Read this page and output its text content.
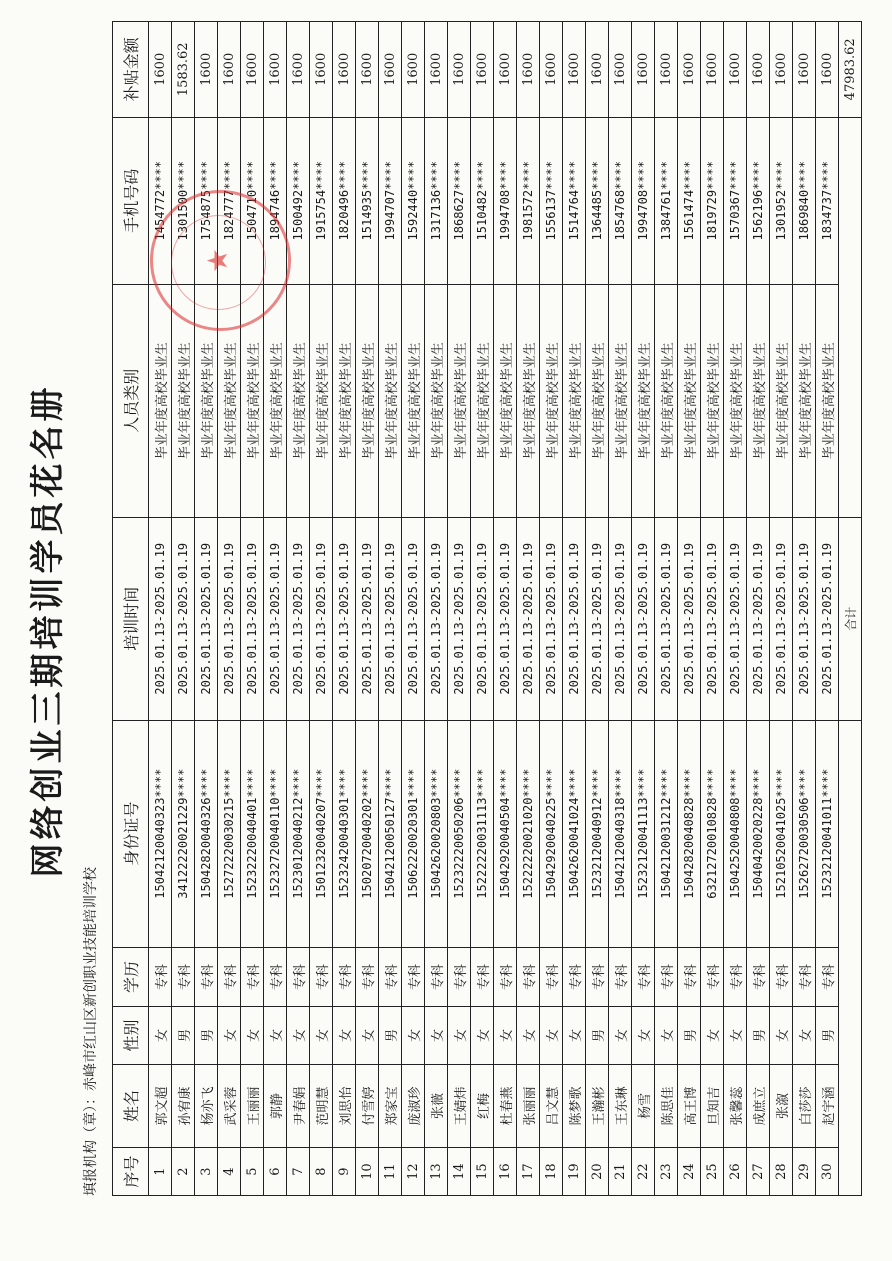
网络创业三期培训学员花名册
填报机构（章）：赤峰市红山区新创职业技能培训学校 序号	姓名	性别	学历	身份证号	培训时间	人员类别	手机号码	补贴金额
1	郭文超	女	专科	150421200403​23****	2025.01.13-2025.01.19	毕业年度高校毕业生	1454772****	1600
2	孙宥康	男	专科	341222200212​29****	2025.01.13-2025.01.19	毕业年度高校毕业生	1301500****	1583.62
3	杨亦飞	男	专科	150428200403​26****	2025.01.13-2025.01.19	毕业年度高校毕业生	1754875****	1600
4	武采蓉	女	专科	152722200302​15****	2025.01.13-2025.01.19	毕业年度高校毕业生	1824777****	1600
5	王丽丽	女	专科	152322200404​01****	2025.01.13-2025.01.19	毕业年度高校毕业生	1504710****	1600
6	郭静	女	专科	152327200401​10****	2025.01.13-2025.01.19	毕业年度高校毕业生	1894746****	1600
7	尹春娟	女	专科	152301200402​12****	2025.01.13-2025.01.19	毕业年度高校毕业生	1500492****	1600
8	范明慧	女	专科	150123200402​07****	2025.01.13-2025.01.19	毕业年度高校毕业生	1915754****	1600
9	刘思怡	女	专科	152324200403​01****	2025.01.13-2025.01.19	毕业年度高校毕业生	1820496****	1600
10	付雪婷	女	专科	150207200402​02****	2025.01.13-2025.01.19	毕业年度高校毕业生	1514935****	1600
11	郑家宝	男	专科	150421200501​27****	2025.01.13-2025.01.19	毕业年度高校毕业生	1994707****	1600
12	庞淑珍	女	专科	150622200203​01****	2025.01.13-2025.01.19	毕业年度高校毕业生	1592440****	1600
13	张薇	女	专科	150426200208​03****	2025.01.13-2025.01.19	毕业年度高校毕业生	1317136****	1600
14	王婧炜	女	专科	152322200502​06****	2025.01.13-2025.01.19	毕业年度高校毕业生	1868627****	1600
15	红梅	女	专科	152222200311​13****	2025.01.13-2025.01.19	毕业年度高校毕业生	1510482****	1600
16	杜春燕	女	专科	150429200405​04****	2025.01.13-2025.01.19	毕业年度高校毕业生	1994708****	1600
17	张丽丽	女	专科	152222200210​20****	2025.01.13-2025.01.19	毕业年度高校毕业生	1981572****	1600
18	吕文慧	女	专科	150429200402​25****	2025.01.13-2025.01.19	毕业年度高校毕业生	1556137****	1600
19	陈梦歌	女	专科	150426200410​24****	2025.01.13-2025.01.19	毕业年度高校毕业生	1514764****	1600
20	王瀚彬	男	专科	152321200409​12****	2025.01.13-2025.01.19	毕业年度高校毕业生	1364485****	1600
21	王东琳	女	专科	150421200403​18****	2025.01.13-2025.01.19	毕业年度高校毕业生	1854768****	1600
22	杨雪	女	专科	152321200411​13****	2025.01.13-2025.01.19	毕业年度高校毕业生	1994708****	1600
23	陈思佳	女	专科	150421200312​12****	2025.01.13-2025.01.19	毕业年度高校毕业生	1384761****	1600
24	高王博	男	专科	150428200408​28****	2025.01.13-2025.01.19	毕业年度高校毕业生	1561474****	1600
25	旦知吉	女	专科	632127200108​28****	2025.01.13-2025.01.19	毕业年度高校毕业生	1819729****	1600
26	张馨蕊	女	专科	150425200408​08****	2025.01.13-2025.01.19	毕业年度高校毕业生	1570367****	1600
27	成庶立	男	专科	150404200202​28****	2025.01.13-2025.01.19	毕业年度高校毕业生	1562196****	1600
28	张溆	女	专科	152105200410​25****	2025.01.13-2025.01.19	毕业年度高校毕业生	1301952****	1600
29	白莎莎	女	专科	152627200305​06****	2025.01.13-2025.01.19	毕业年度高校毕业生	1869840****	1600
30	赵宇涵	男	专科	152321200410​11****	2025.01.13-2025.01.19	毕业年度高校毕业生	1834737****	1600
					合计			47983.62
★
